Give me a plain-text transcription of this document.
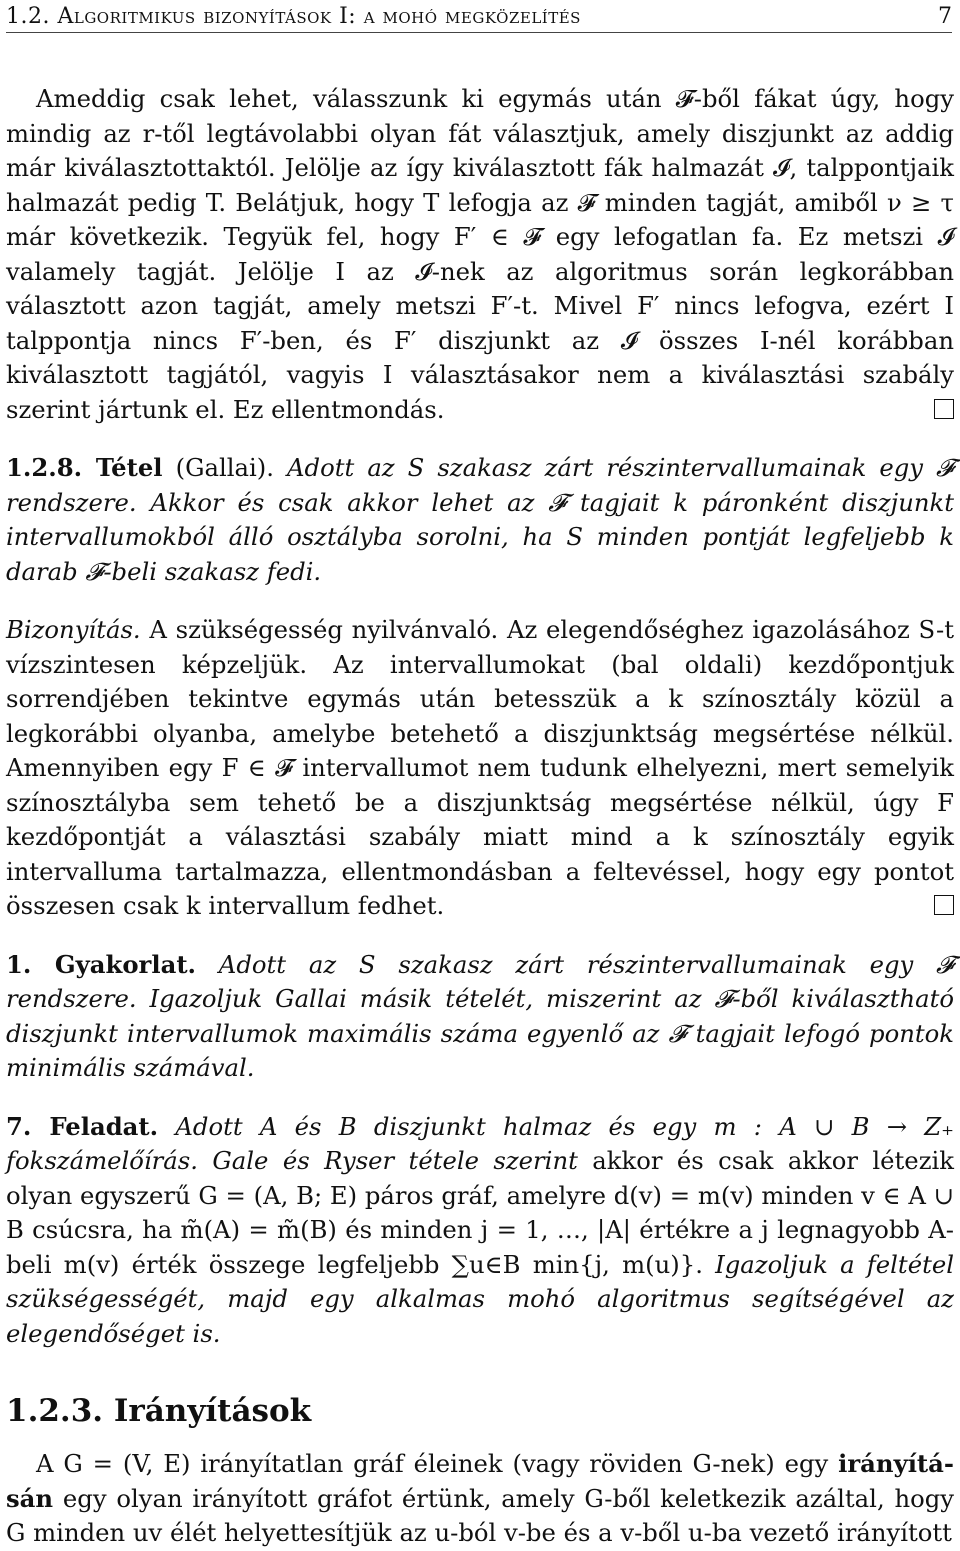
1.2. Algoritmikus bizonyítások I: a mohó megközelítés	7

Ameddig csak lehet, válasszunk ki egymás után 𝓕-ből fákat úgy, hogy mindig az r-től legtávolabbi olyan fát választjuk, amely diszjunkt az addig már kiválasztottaktól. Jelölje az így kiválasztott fák halmazát 𝓘, talppontjaik halmazát pedig T. Belátjuk, hogy T lefogja az 𝓕 minden tagját, amiből ν ≥ τ már következik. Tegyük fel, hogy F′ ∈ 𝓕 egy lefogatlan fa. Ez metszi 𝓘 valamely tagját. Jelölje I az 𝓘-nek az algoritmus során legkorábban választott azon tagját, amely metszi F′-t. Mivel F′ nincs lefogva, ezért I talppontja nincs F′-ben, és F′ diszjunkt az 𝓘 összes I-nél korábban kiválasztott tagjától, vagyis I választásakor nem a kiválasztási szabály szerint jártunk el. Ez ellentmondás.

1.2.8. Tétel (Gallai). Adott az S szakasz zárt részintervallumainak egy 𝓕 rendszere. Akkor és csak akkor lehet az 𝓕 tagjait k páronként diszjunkt intervallumokból álló osztályba sorolni, ha S minden pontját legfeljebb k darab 𝓕-beli szakasz fedi.

Bizonyítás. A szükségesség nyilvánvaló. Az elegendőséghez igazolásához S-t vízszintesen képzeljük. Az intervallumokat (bal oldali) kezdőpontjuk sorrendjében tekintve egymás után betesszük a k színosztály közül a legkorábbi olyanba, amelybe betehető a diszjunktság megsértése nélkül. Amennyiben egy F ∈ 𝓕 intervallumot nem tudunk elhelyezni, mert semelyik színosztályba sem tehető be a diszjunktság megsértése nélkül, úgy F kezdőpontját a választási szabály miatt mind a k színosztály egyik intervalluma tartalmazza, ellentmondásban a feltevéssel, hogy egy pontot összesen csak k intervallum fedhet.

1. Gyakorlat. Adott az S szakasz zárt részintervallumainak egy 𝓕 rendszere. Igazoljuk Gallai másik tételét, miszerint az 𝓕-ből kiválasztható diszjunkt intervallumok maximális száma egyenlő az 𝓕 tagjait lefogó pontok minimális számával.

7. Feladat. Adott A és B diszjunkt halmaz és egy m : A ∪ B → Z₊ fokszámelőírás. Gale és Ryser tétele szerint akkor és csak akkor létezik olyan egyszerű G = (A, B; E) páros gráf, amelyre d(v) = m(v) minden v ∈ A ∪ B csúcsra, ha m̃(A) = m̃(B) és minden j = 1, …, |A| értékre a j legnagyobb A-beli m(v) érték összege legfeljebb ∑u∈B min{j, m(u)}. Igazoljuk a feltétel szükségességét, majd egy alkalmas mohó algoritmus segítségével az elegendőséget is.

1.2.3. Irányítások

A G = (V, E) irányítatlan gráf éleinek (vagy röviden G-nek) egy irányításán egy olyan irányított gráfot értünk, amely G-ből keletkezik azáltal, hogy G minden uv élét helyettesítjük az u-ból v-be és a v-ből u-ba vezető irányított
